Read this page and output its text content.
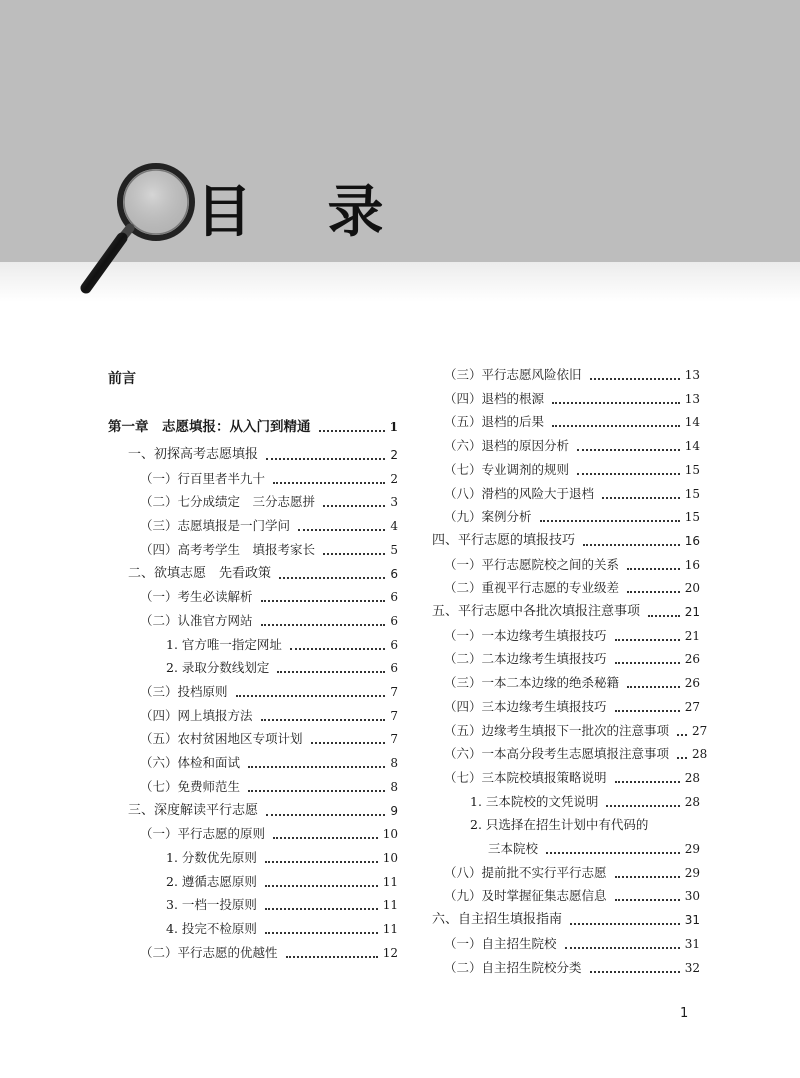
目 录
前言
第一章　志愿填报：从入门到精通	1
一、初探高考志愿填报	2
（一）行百里者半九十	2
（二）七分成绩定　三分志愿拼	3
（三）志愿填报是一门学问	4
（四）高考考学生　填报考家长	5
二、欲填志愿　先看政策	6
（一）考生必读解析	6
（二）认准官方网站	6
1. 官方唯一指定网址	6
2. 录取分数线划定	6
（三）投档原则	7
（四）网上填报方法	7
（五）农村贫困地区专项计划	7
（六）体检和面试	8
（七）免费师范生	8
三、深度解读平行志愿	9
（一）平行志愿的原则	10
1. 分数优先原则	10
2. 遵循志愿原则	11
3. 一档一投原则	11
4. 投完不检原则	11
（二）平行志愿的优越性	12
（三）平行志愿风险依旧	13
（四）退档的根源	13
（五）退档的后果	14
（六）退档的原因分析	14
（七）专业调剂的规则	15
（八）滑档的风险大于退档	15
（九）案例分析	15
四、平行志愿的填报技巧	16
（一）平行志愿院校之间的关系	16
（二）重视平行志愿的专业级差	20
五、平行志愿中各批次填报注意事项	21
（一）一本边缘考生填报技巧	21
（二）二本边缘考生填报技巧	26
（三）一本二本边缘的绝杀秘籍	26
（四）三本边缘考生填报技巧	27
（五）边缘考生填报下一批次的注意事项 27
（六）一本高分段考生志愿填报注意事项 28
（七）三本院校填报策略说明	28
1. 三本院校的文凭说明	28
2. 只选择在招生计划中有代码的
三本院校	29
（八）提前批不实行平行志愿	29
（九）及时掌握征集志愿信息	30
六、自主招生填报指南	31
（一）自主招生院校	31
（二）自主招生院校分类	32
1
